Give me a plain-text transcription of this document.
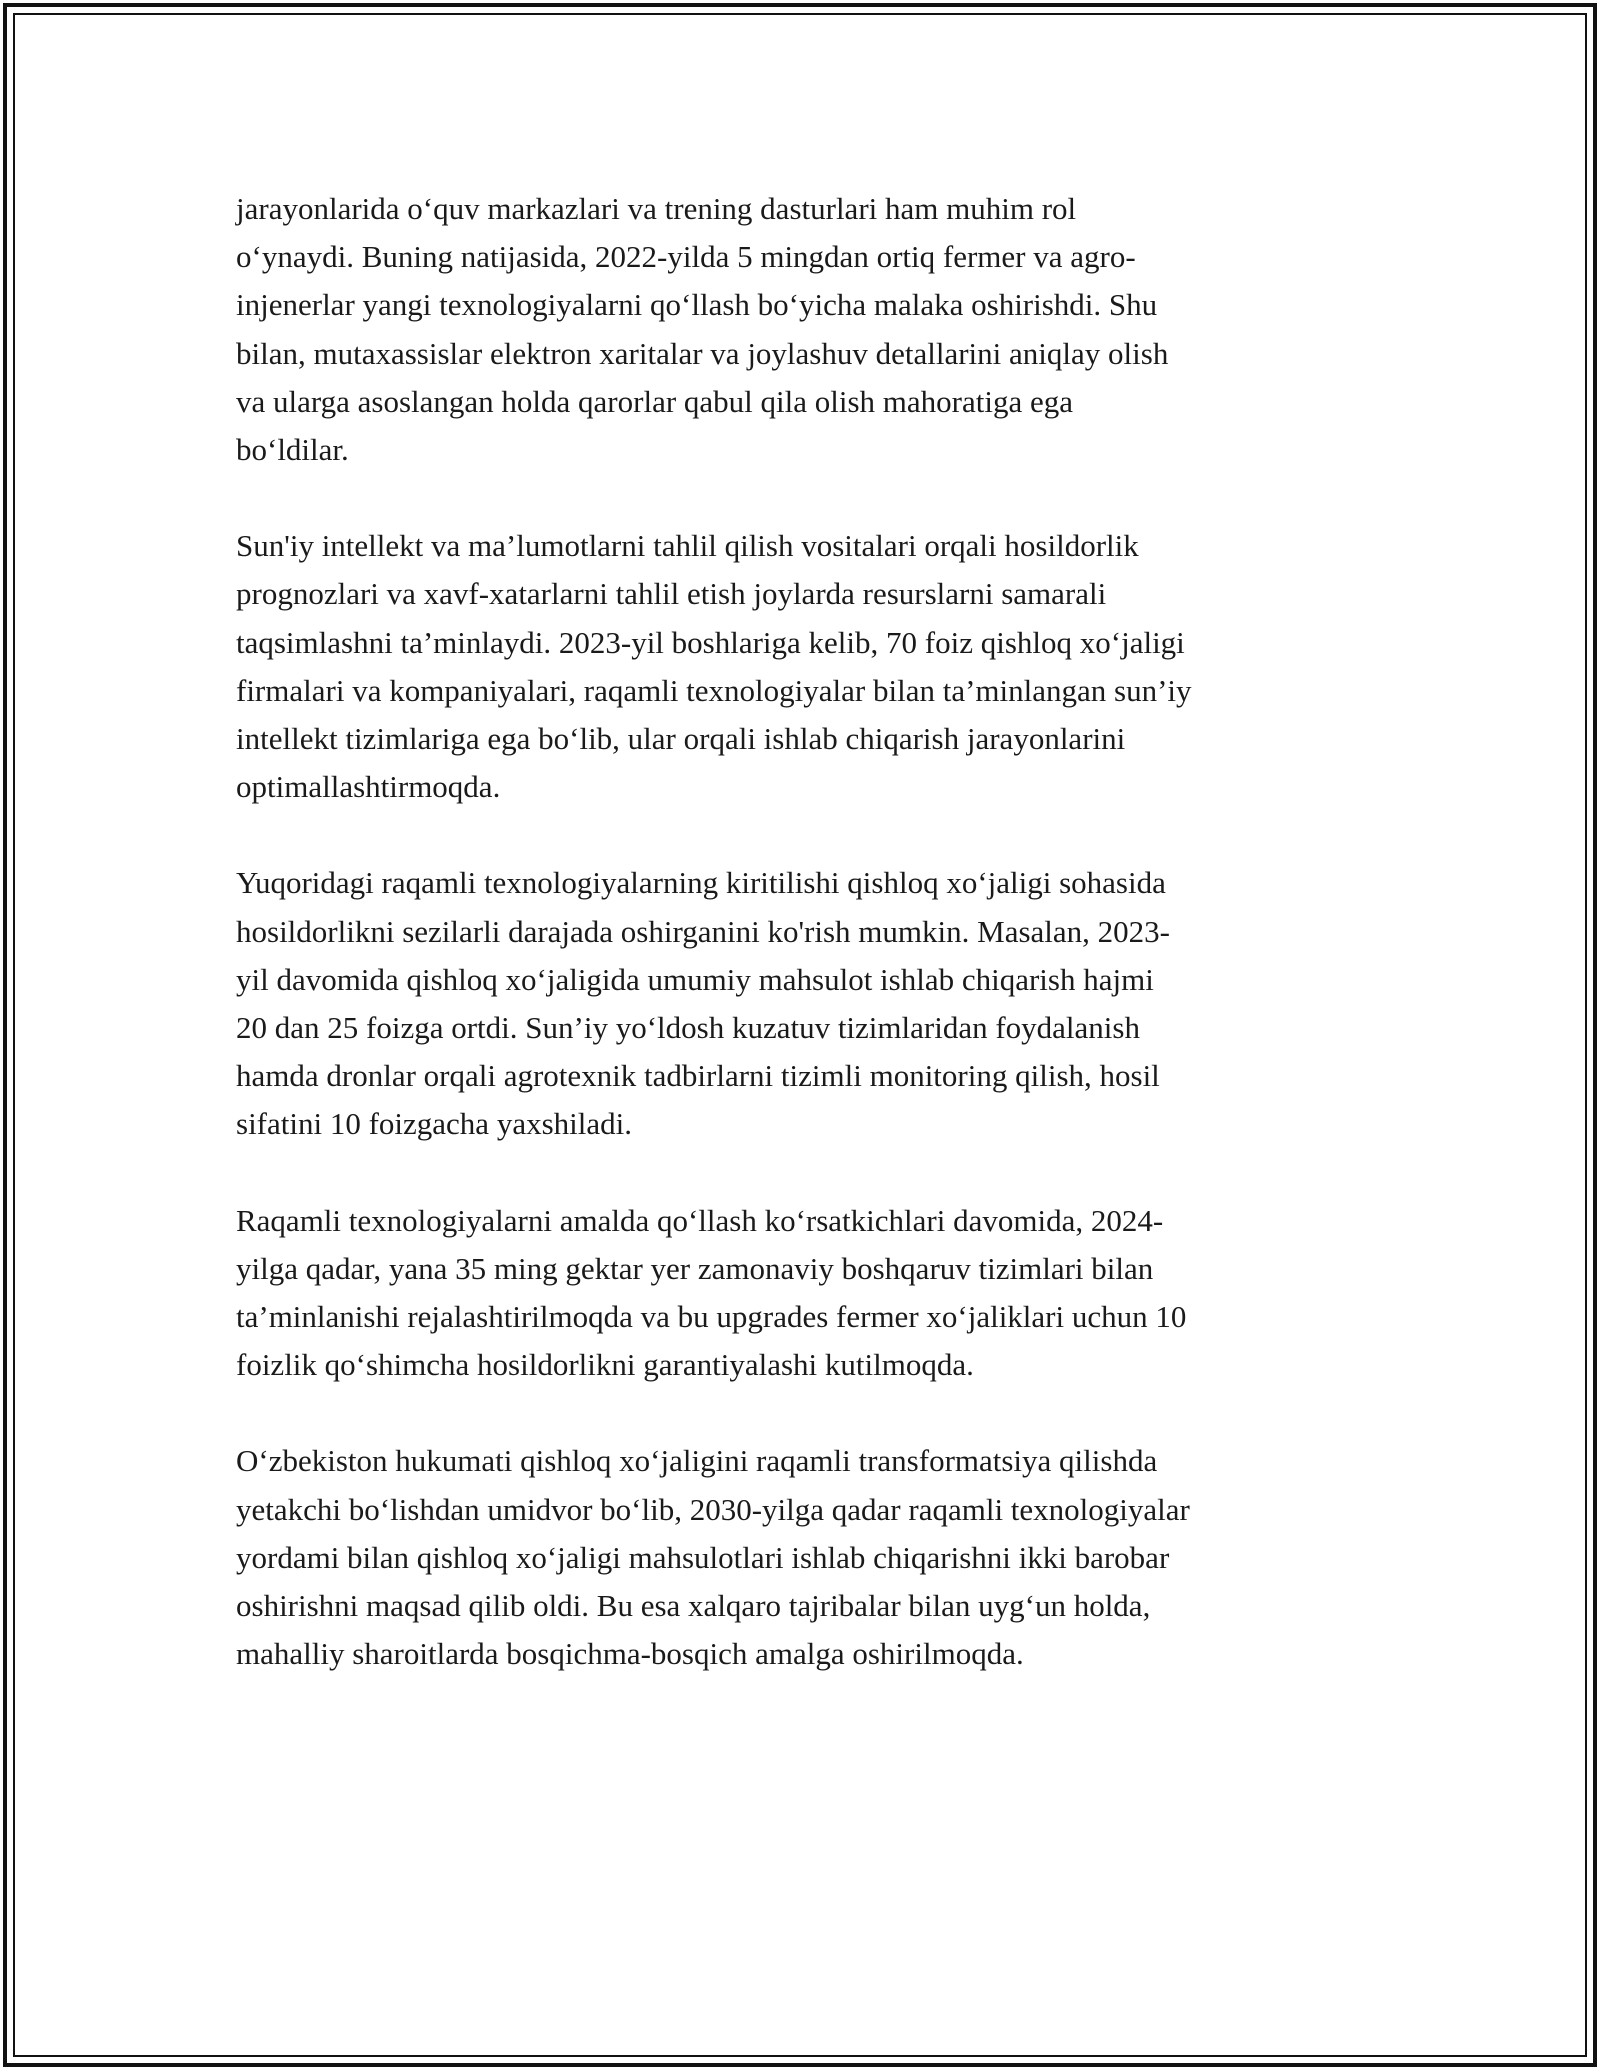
jarayonlarida o‘quv markazlari va trening dasturlari ham muhim rol
o‘ynaydi. Buning natijasida, 2022-yilda 5 mingdan ortiq fermer va agro-
injenerlar yangi texnologiyalarni qo‘llash bo‘yicha malaka oshirishdi. Shu
bilan, mutaxassislar elektron xaritalar va joylashuv detallarini aniqlay olish
va ularga asoslangan holda qarorlar qabul qila olish mahoratiga ega
bo‘ldilar.

Sun'iy intellekt va ma’lumotlarni tahlil qilish vositalari orqali hosildorlik
prognozlari va xavf-xatarlarni tahlil etish joylarda resurslarni samarali
taqsimlashni ta’minlaydi. 2023-yil boshlariga kelib, 70 foiz qishloq xo‘jaligi
firmalari va kompaniyalari, raqamli texnologiyalar bilan ta’minlangan sun’iy
intellekt tizimlariga ega bo‘lib, ular orqali ishlab chiqarish jarayonlarini
optimallashtirmoqda.

Yuqoridagi raqamli texnologiyalarning kiritilishi qishloq xo‘jaligi sohasida
hosildorlikni sezilarli darajada oshirganini ko'rish mumkin. Masalan, 2023-
yil davomida qishloq xo‘jaligida umumiy mahsulot ishlab chiqarish hajmi
20 dan 25 foizga ortdi. Sun’iy yo‘ldosh kuzatuv tizimlaridan foydalanish
hamda dronlar orqali agrotexnik tadbirlarni tizimli monitoring qilish, hosil
sifatini 10 foizgacha yaxshiladi.

Raqamli texnologiyalarni amalda qo‘llash ko‘rsatkichlari davomida, 2024-
yilga qadar, yana 35 ming gektar yer zamonaviy boshqaruv tizimlari bilan
ta’minlanishi rejalashtirilmoqda va bu upgrades fermer xo‘jaliklari uchun 10
foizlik qo‘shimcha hosildorlikni garantiyalashi kutilmoqda.

O‘zbekiston hukumati qishloq xo‘jaligini raqamli transformatsiya qilishda
yetakchi bo‘lishdan umidvor bo‘lib, 2030-yilga qadar raqamli texnologiyalar
yordami bilan qishloq xo‘jaligi mahsulotlari ishlab chiqarishni ikki barobar
oshirishni maqsad qilib oldi. Bu esa xalqaro tajribalar bilan uyg‘un holda,
mahalliy sharoitlarda bosqichma-bosqich amalga oshirilmoqda.
